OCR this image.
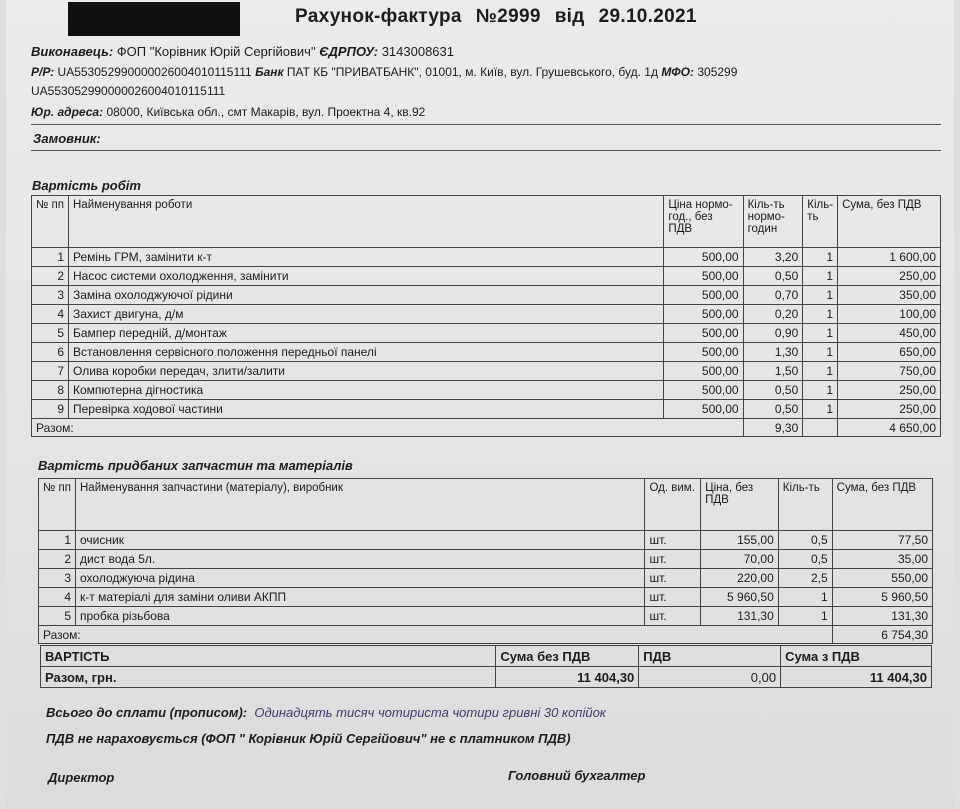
Рахунок-фактура №2999 від 29.10.2021
Виконавець: ФОП "Корівник Юрій Сергійович" ЄДРПОУ: 3143008631
Р/Р: UA553052990000026004010115111 Банк ПАТ КБ "ПРИВАТБАНК", 01001, м. Київ, вул. Грушевського, буд. 1д МФО: 305299
UA553052990000026004010115111
Юр. адреса: 08000, Київська обл., смт Макарів, вул. Проектна 4, кв.92
Замовник:
Вартість робіт
№ пп	Найменування роботи	Ціна нормо-год., без ПДВ	Кіль-ть нормо-годин	Кіль-ть	Сума, без ПДВ
1	Ремінь ГРМ, замінити к-т	500,00	3,20	1	1 600,00
2	Насос системи охолодження, замінити	500,00	0,50	1	250,00
3	Заміна охолоджуючої рідини	500,00	0,70	1	350,00
4	Захист двигуна, д/м	500,00	0,20	1	100,00
5	Бампер передній, д/монтаж	500,00	0,90	1	450,00
6	Встановлення сервісного положення передньої панелі	500,00	1,30	1	650,00
7	Олива коробки передач, злити/залити	500,00	1,50	1	750,00
8	Компютерна дігностика	500,00	0,50	1	250,00
9	Перевірка ходової частини	500,00	0,50	1	250,00
Разом:			9,30		4 650,00
Вартість придбаних запчастин та матеріалів
№ пп	Найменування запчастини (матеріалу), виробник	Од. вим.	Ціна, без ПДВ	Кіль-ть	Сума, без ПДВ
1	очисник	шт.	155,00	0,5	77,50
2	дист вода 5л.	шт.	70,00	0,5	35,00
3	охолоджуюча рідина	шт.	220,00	2,5	550,00
4	к-т матеріалі для заміни оливи АКПП	шт.	5 960,50	1	5 960,50
5	пробка різьбова	шт.	131,30	1	131,30
Разом:					6 754,30
ВАРТІСТЬ	Сума без ПДВ	ПДВ	Сума з ПДВ
Разом, грн.	11 404,30	0,00	11 404,30
Всього до сплати (прописом): Одинадцять тисяч чотириста чотири гривні 30 копійок
ПДВ не нараховується (ФОП " Корівник Юрій Сергійович" не є платником ПДВ)
Директор	Головний бухгалтер
